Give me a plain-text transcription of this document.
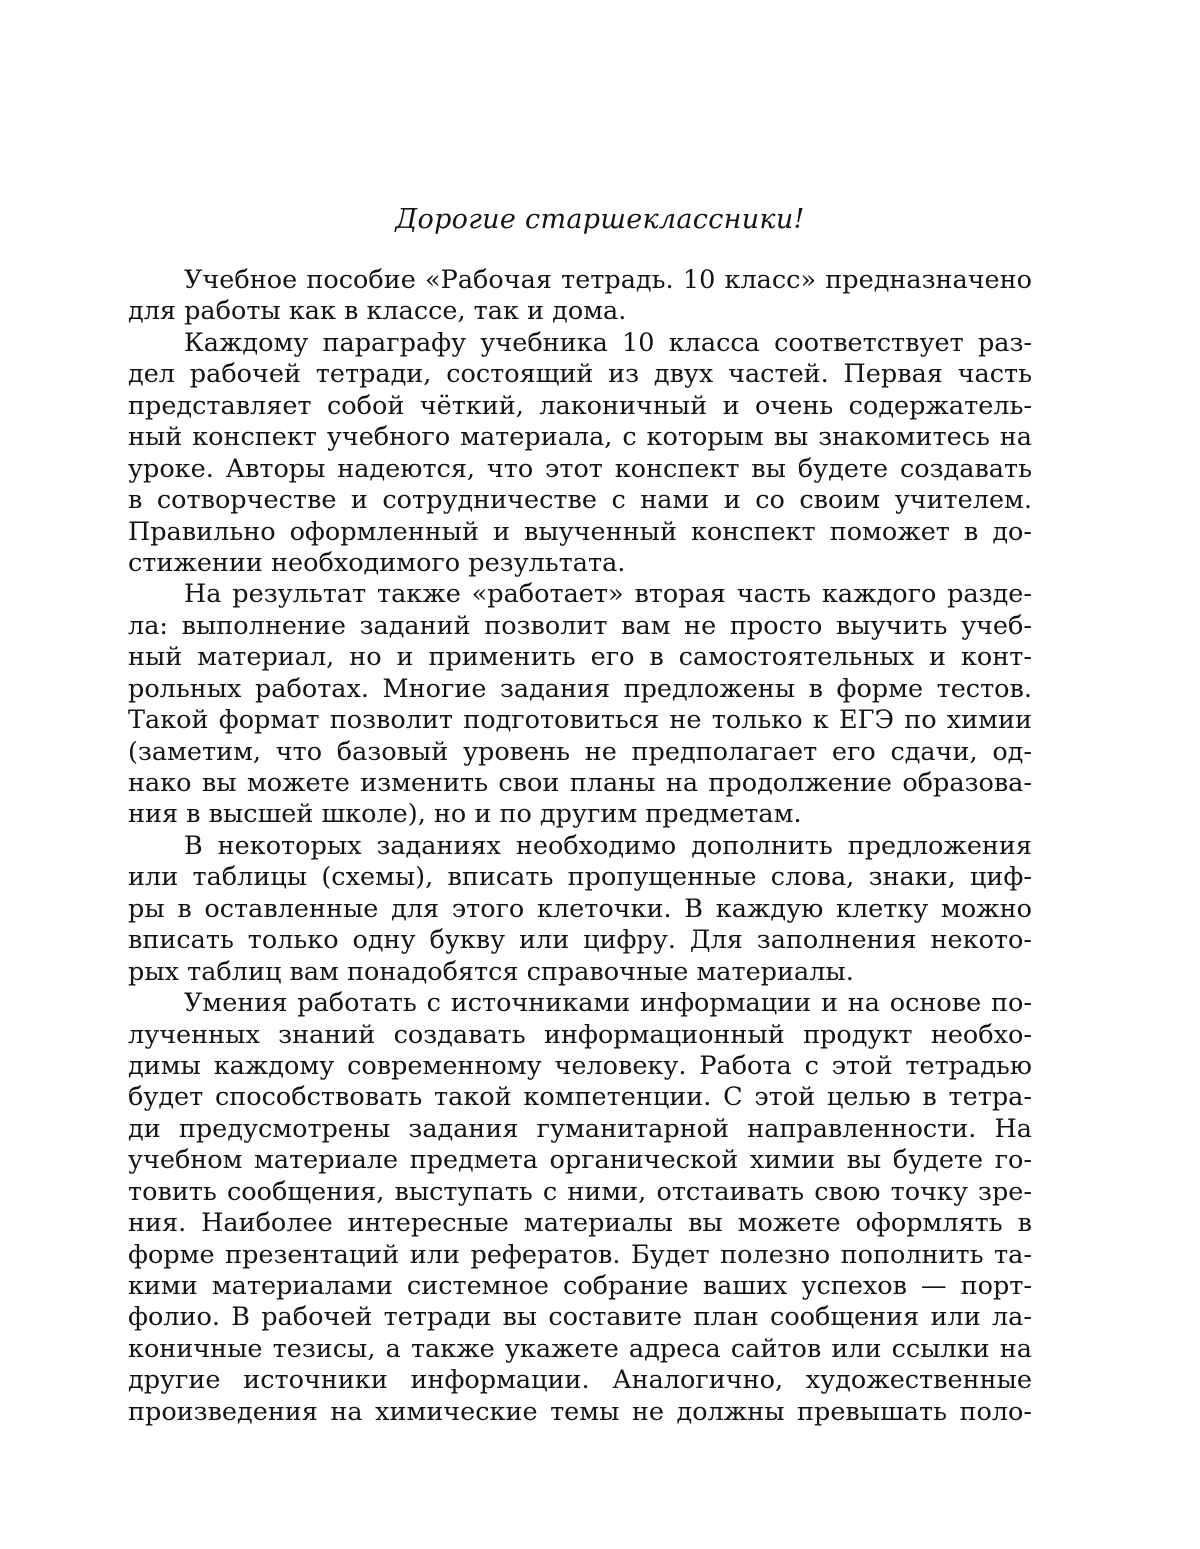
Дорогие старшеклассники!
Учебное пособие «Рабочая тетрадь. 10 класс» предназначено
для работы как в классе, так и дома.
Каждому параграфу учебника 10 класса соответствует раз-
дел рабочей тетради, состоящий из двух частей. Первая часть
представляет собой чёткий, лаконичный и очень содержатель-
ный конспект учебного материала, с которым вы знакомитесь на
уроке. Авторы надеются, что этот конспект вы будете создавать
в сотворчестве и сотрудничестве с нами и со своим учителем.
Правильно оформленный и выученный конспект поможет в до-
стижении необходимого результата.
На результат также «работает» вторая часть каждого разде-
ла: выполнение заданий позволит вам не просто выучить учеб-
ный материал, но и применить его в самостоятельных и конт-
рольных работах. Многие задания предложены в форме тестов.
Такой формат позволит подготовиться не только к ЕГЭ по химии
(заметим, что базовый уровень не предполагает его сдачи, од-
нако вы можете изменить свои планы на продолжение образова-
ния в высшей школе), но и по другим предметам.
В некоторых заданиях необходимо дополнить предложения
или таблицы (схемы), вписать пропущенные слова, знаки, циф-
ры в оставленные для этого клеточки. В каждую клетку можно
вписать только одну букву или цифру. Для заполнения некото-
рых таблиц вам понадобятся справочные материалы.
Умения работать с источниками информации и на основе по-
лученных знаний создавать информационный продукт необхо-
димы каждому современному человеку. Работа с этой тетрадью
будет способствовать такой компетенции. С этой целью в тетра-
ди предусмотрены задания гуманитарной направленности. На
учебном материале предмета органической химии вы будете го-
товить сообщения, выступать с ними, отстаивать свою точку зре-
ния. Наиболее интересные материалы вы можете оформлять в
форме презентаций или рефератов. Будет полезно пополнить та-
кими материалами системное собрание ваших успехов — порт-
фолио. В рабочей тетради вы составите план сообщения или ла-
коничные тезисы, а также укажете адреса сайтов или ссылки на
другие источники информации. Аналогично, художественные
произведения на химические темы не должны превышать поло-
